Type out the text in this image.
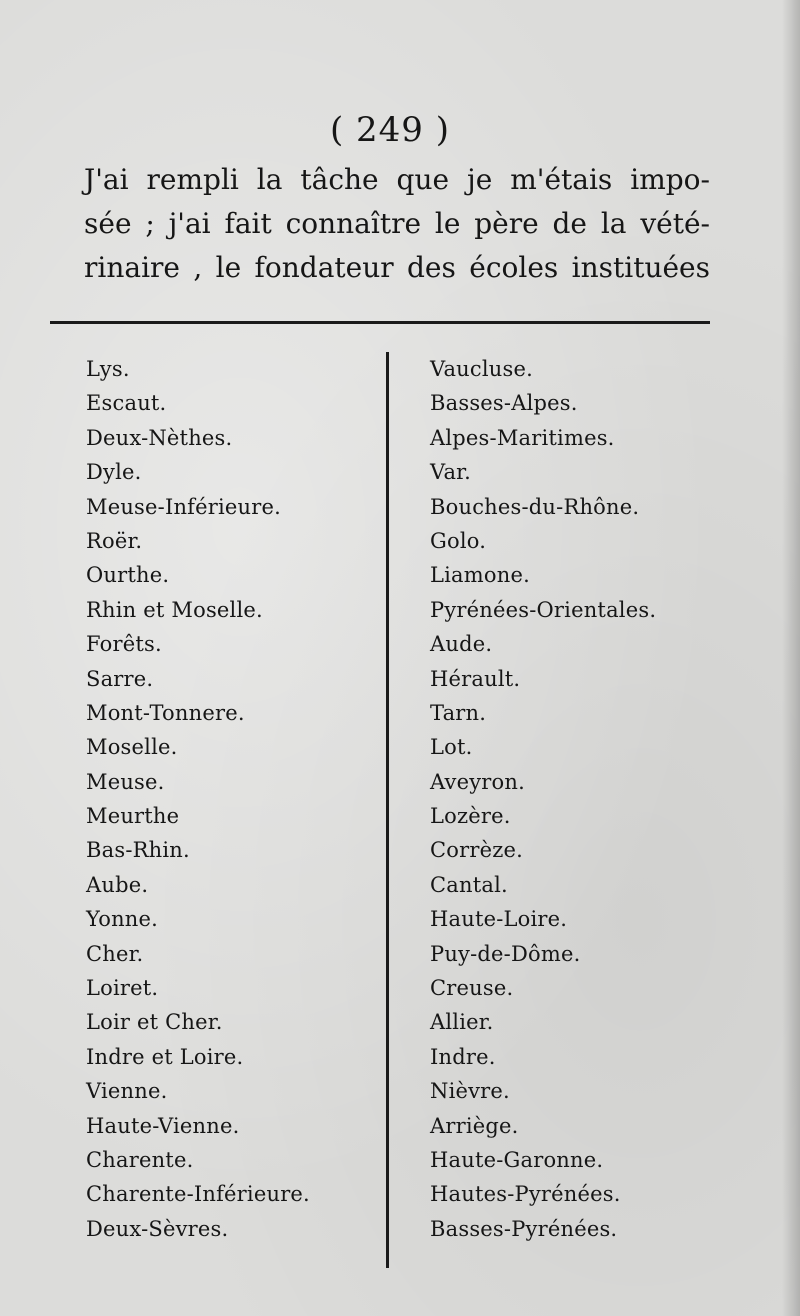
( 249 )
J'ai rempli la tâche que je m'étais impo-
sée ; j'ai fait connaître le père de la vété-
rinaire , le fondateur des écoles instituées
Lys.
Escaut.
Deux-Nèthes.
Dyle.
Meuse-Inférieure.
Roër.
Ourthe.
Rhin et Moselle.
Forêts.
Sarre.
Mont-Tonnere.
Moselle.
Meuse.
Meurthe
Bas-Rhin.
Aube.
Yonne.
Cher.
Loiret.
Loir et Cher.
Indre et Loire.
Vienne.
Haute-Vienne.
Charente.
Charente-Inférieure.
Deux-Sèvres.
Vaucluse.
Basses-Alpes.
Alpes-Maritimes.
Var.
Bouches-du-Rhône.
Golo.
Liamone.
Pyrénées-Orientales.
Aude.
Hérault.
Tarn.
Lot.
Aveyron.
Lozère.
Corrèze.
Cantal.
Haute-Loire.
Puy-de-Dôme.
Creuse.
Allier.
Indre.
Nièvre.
Arriège.
Haute-Garonne.
Hautes-Pyrénées.
Basses-Pyrénées.
